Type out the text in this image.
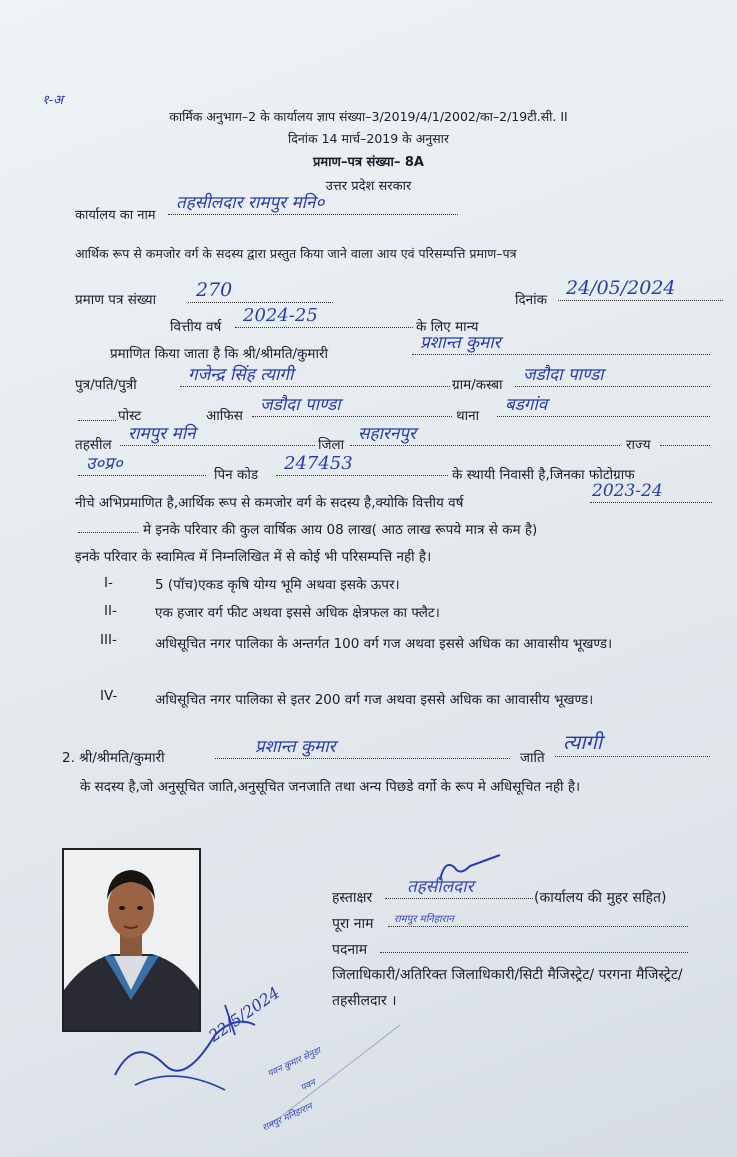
१-अ
कार्मिक अनुभाग–2 के कार्यालय ज्ञाप संख्या–3/2019/4/1/2002/का–2/19टी.सी. II
दिनांक 14 मार्च–2019 के अनुसार
प्रमाण–पत्र संख्या– 8A
उत्तर प्रदेश सरकार
कार्यालय का नाम
तहसीलदार रामपुर मनि०
आर्थिक रूप से कमजोर वर्ग के सदस्य द्वारा प्रस्तुत किया जाने वाला आय एवं परिसम्पत्ति प्रमाण–पत्र
प्रमाण पत्र संख्या 270	दिनांक
24/05/2024
वित्तीय वर्ष
2024-25
के लिए मान्य
प्रमाणित किया जाता है कि श्री/श्रीमति/कुमारी
प्रशान्त कुमार
पुत्र/पति/पुत्री	गजेन्द्र सिंह त्यागी	ग्राम/कस्बा जडौदा पाण्डा
पोस्ट	आफिस
जडौदा पाण्डा
थाना
बडगांव
तहसील
रामपुर मनि
जिला
सहारनपुर
राज्य
उ०प्र०
पिन कोड
247453
के स्थायी निवासी है,जिनका फोटोग्राफ
नीचे अभिप्रमाणित है,आर्थिक रूप से कमजोर वर्ग के सदस्य है,क्योकि वित्तीय वर्ष
2023-24
मे इनके परिवार की कुल वार्षिक आय 08 लाख( आठ लाख रूपये मात्र से कम है)
इनके परिवार के स्वामित्व में निम्नलिखित में से कोई भी परिसम्पत्ति नही है।
I-	5 (पॉच)एकड कृषि योग्य भूमि अथवा इसके ऊपर।
II-	एक हजार वर्ग फीट अथवा इससे अधिक क्षेत्रफल का फ्लैट।
III-	अधिसूचित नगर पालिका के अन्तर्गत 100 वर्ग गज अथवा इससे अधिक का आवासीय भूखण्ड।
IV-	अधिसूचित नगर पालिका से इतर 200 वर्ग गज अथवा इससे अधिक का आवासीय भूखण्ड।
2. श्री/श्रीमति/कुमारी
प्रशान्त कुमार
जाति
त्यागी
के सदस्य है,जो अनुसूचित जाति,अनुसूचित जनजाति तथा अन्य पिछडे वर्गो के रूप मे अधिसूचित नही है।
22/5/2024
पवन कुमार सेनुडा
पवन
रामपुर मनिहारान
हस्ताक्षर
तहसीलदार
(कार्यालय की मुहर सहित)
पूरा नाम रामपुर मनिहारान
पदनाम
जिलाधिकारी/अतिरिक्त जिलाधिकारी/सिटी मैजिस्ट्रेट/ परगना मैजिस्ट्रेट/तहसीलदार ।
